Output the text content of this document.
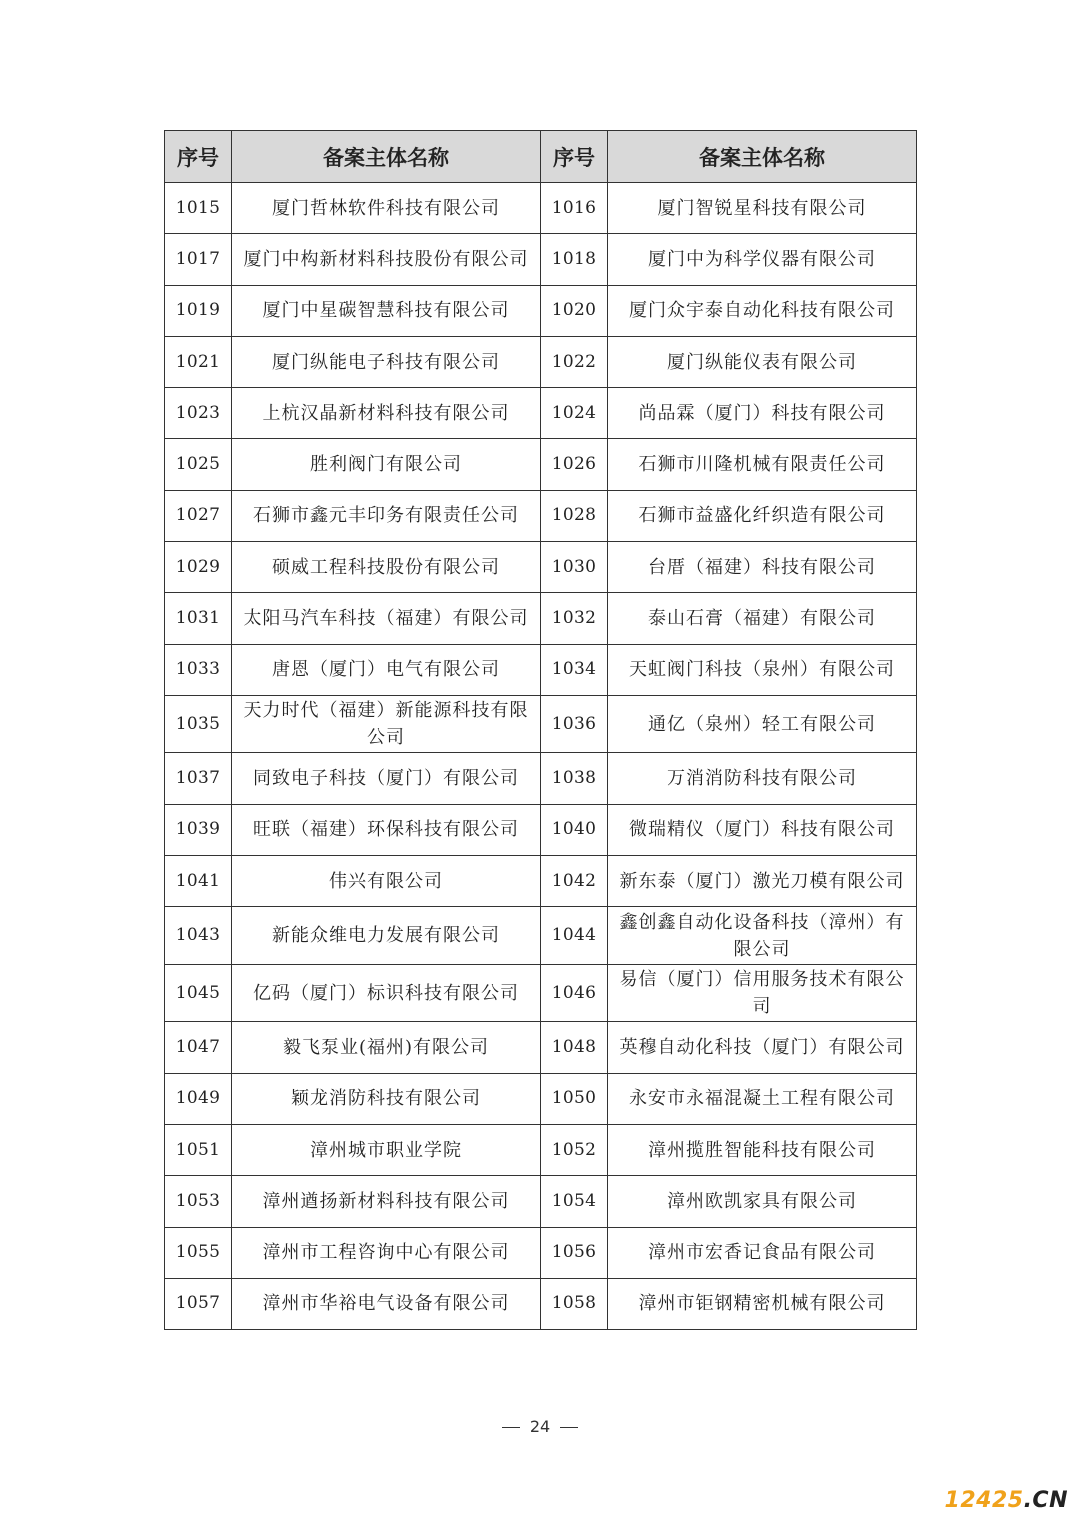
序号	备案主体名称	序号	备案主体名称
1015	厦门哲林软件科技有限公司	1016	厦门智锐星科技有限公司
1017	厦门中构新材料科技股份有限公司	1018	厦门中为科学仪器有限公司
1019	厦门中星碳智慧科技有限公司	1020	厦门众宇泰自动化科技有限公司
1021	厦门纵能电子科技有限公司	1022	厦门纵能仪表有限公司
1023	上杭汉晶新材料科技有限公司	1024	尚品霖（厦门）科技有限公司
1025	胜利阀门有限公司	1026	石狮市川隆机械有限责任公司
1027	石狮市鑫元丰印务有限责任公司	1028	石狮市益盛化纤织造有限公司
1029	硕威工程科技股份有限公司	1030	台厝（福建）科技有限公司
1031	太阳马汽车科技（福建）有限公司	1032	泰山石膏（福建）有限公司
1033	唐恩（厦门）电气有限公司	1034	天虹阀门科技（泉州）有限公司
1035	天力时代（福建）新能源科技有限公司	1036	通亿（泉州）轻工有限公司
1037	同致电子科技（厦门）有限公司	1038	万消消防科技有限公司
1039	旺联（福建）环保科技有限公司	1040	微瑞精仪（厦门）科技有限公司
1041	伟兴有限公司	1042	新东泰（厦门）激光刀模有限公司
1043	新能众维电力发展有限公司	1044	鑫创鑫自动化设备科技（漳州）有限公司
1045	亿码（厦门）标识科技有限公司	1046	易信（厦门）信用服务技术有限公司
1047	毅飞泵业(福州)有限公司	1048	英穆自动化科技（厦门）有限公司
1049	颖龙消防科技有限公司	1050	永安市永福混凝土工程有限公司
1051	漳州城市职业学院	1052	漳州揽胜智能科技有限公司
1053	漳州遒扬新材料科技有限公司	1054	漳州欧凯家具有限公司
1055	漳州市工程咨询中心有限公司	1056	漳州市宏香记食品有限公司
1057	漳州市华裕电气设备有限公司	1058	漳州市钜钢精密机械有限公司
24
12425.CN
